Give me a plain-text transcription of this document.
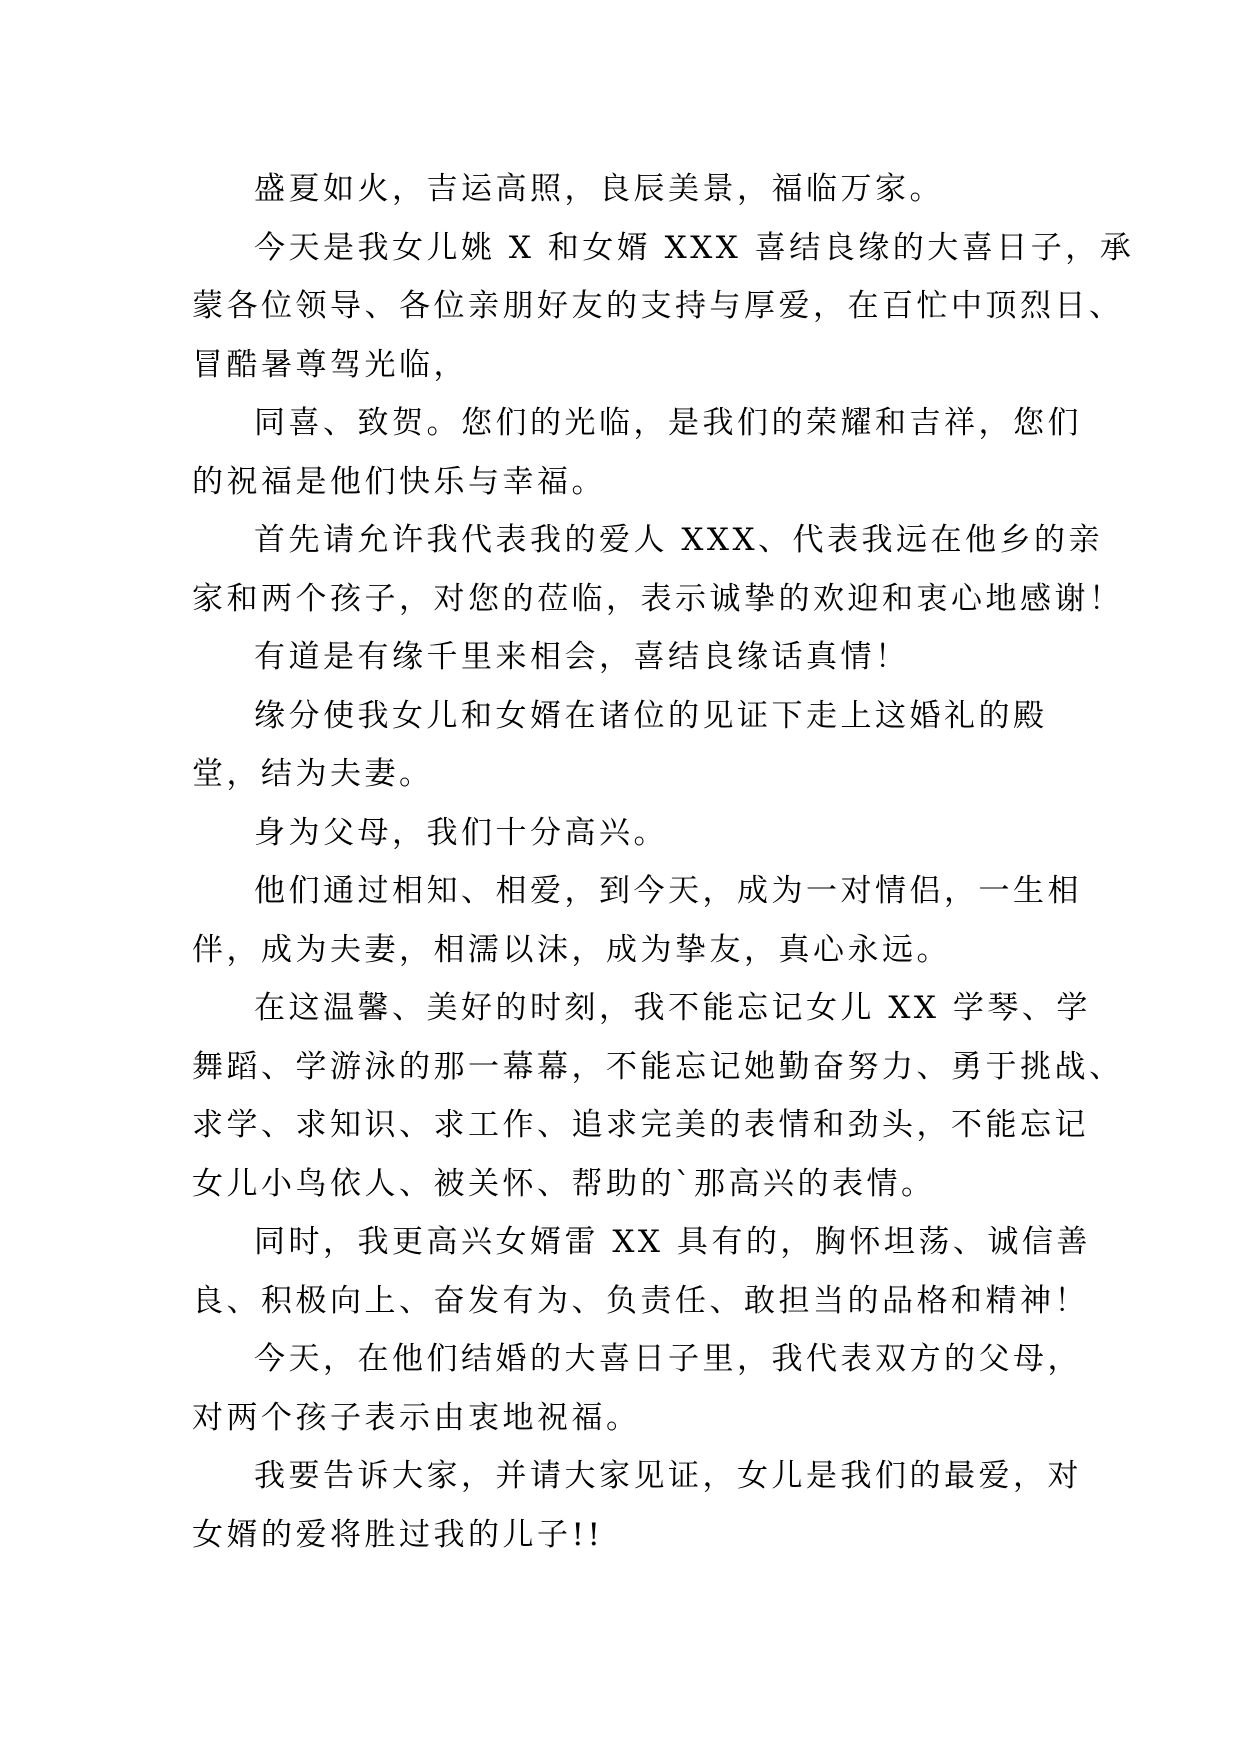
盛夏如火，吉运高照，良辰美景，福临万家。

今天是我女儿姚 X 和女婿 XXX 喜结良缘的大喜日子，承
蒙各位领导、各位亲朋好友的支持与厚爱，在百忙中顶烈日、
冒酷暑尊驾光临，

同喜、致贺。您们的光临，是我们的荣耀和吉祥，您们
的祝福是他们快乐与幸福。

首先请允许我代表我的爱人 XXX、代表我远在他乡的亲
家和两个孩子，对您的莅临，表示诚挚的欢迎和衷心地感谢！

有道是有缘千里来相会，喜结良缘话真情！

缘分使我女儿和女婿在诸位的见证下走上这婚礼的殿
堂，结为夫妻。

身为父母，我们十分高兴。

他们通过相知、相爱，到今天，成为一对情侣，一生相
伴，成为夫妻，相濡以沫，成为挚友，真心永远。

在这温馨、美好的时刻，我不能忘记女儿 XX 学琴、学
舞蹈、学游泳的那一幕幕，不能忘记她勤奋努力、勇于挑战、
求学、求知识、求工作、追求完美的表情和劲头，不能忘记
女儿小鸟依人、被关怀、帮助的`那高兴的表情。

同时，我更高兴女婿雷 XX 具有的，胸怀坦荡、诚信善
良、积极向上、奋发有为、负责任、敢担当的品格和精神！

今天，在他们结婚的大喜日子里，我代表双方的父母，
对两个孩子表示由衷地祝福。

我要告诉大家，并请大家见证，女儿是我们的最爱，对
女婿的爱将胜过我的儿子!!
